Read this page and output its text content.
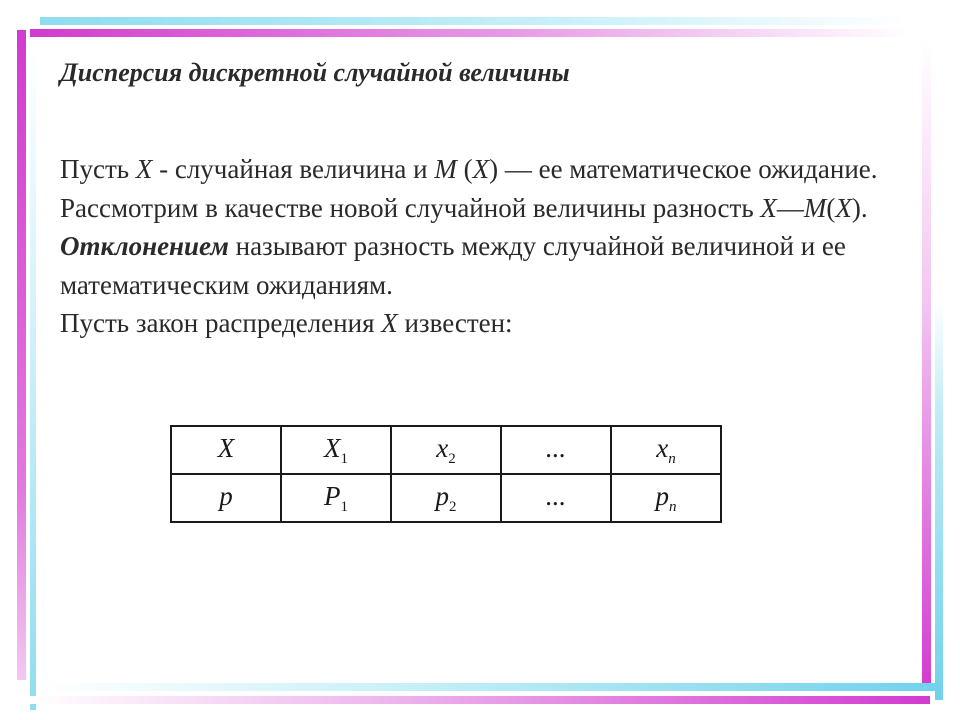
Дисперсия дискретной случайной величины

Пусть X - случайная величина и M (X) — ее математическое ожидание. Рассмотрим в качестве новой случайной величины разность X—M(X).

Отклонением называют разность между случайной величиной и ее математическим ожиданиям.

Пусть закон распределения X известен:

X	$X_1$	$x_2$	...	$x_n$
p	$P_1$	$p_2$	...	$p_n$
